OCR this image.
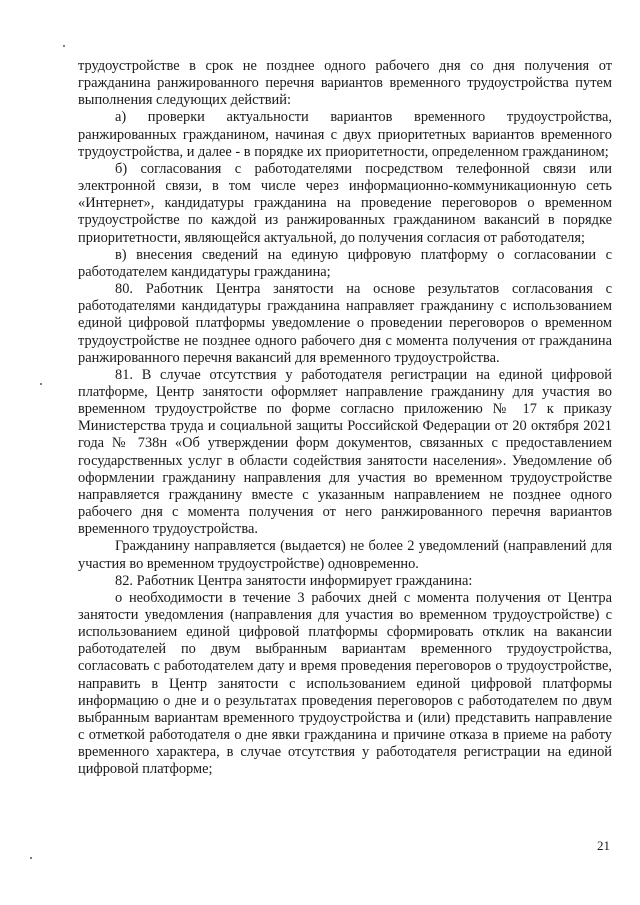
трудоустройстве в срок не позднее одного рабочего дня со дня получения от гражданина ранжированного перечня вариантов временного трудоустройства путем выполнения следующих действий:

а) проверки актуальности вариантов временного трудоустройства, ранжированных гражданином, начиная с двух приоритетных вариантов временного трудоустройства, и далее - в порядке их приоритетности, определенном гражданином;

б) согласования с работодателями посредством телефонной связи или электронной связи, в том числе через информационно-коммуникационную сеть «Интернет», кандидатуры гражданина на проведение переговоров о временном трудоустройстве по каждой из ранжированных гражданином вакансий в порядке приоритетности, являющейся актуальной, до получения согласия от работодателя;

в) внесения сведений на единую цифровую платформу о согласовании с работодателем кандидатуры гражданина;

80. Работник Центра занятости на основе результатов согласования с работодателями кандидатуры гражданина направляет гражданину с использованием единой цифровой платформы уведомление о проведении переговоров о временном трудоустройстве не позднее одного рабочего дня с момента получения от гражданина ранжированного перечня вакансий для временного трудоустройства.

81. В случае отсутствия у работодателя регистрации на единой цифровой платформе, Центр занятости оформляет направление гражданину для участия во временном трудоустройстве по форме согласно приложению № 17 к приказу Министерства труда и социальной защиты Российской Федерации от 20 октября 2021 года № 738н «Об утверждении форм документов, связанных с предоставлением государственных услуг в области содействия занятости населения». Уведомление об оформлении гражданину направления для участия во временном трудоустройстве направляется гражданину вместе с указанным направлением не позднее одного рабочего дня с момента получения от него ранжированного перечня вариантов временного трудоустройства.

Гражданину направляется (выдается) не более 2 уведомлений (направлений для участия во временном трудоустройстве) одновременно.

82. Работник Центра занятости информирует гражданина:

о необходимости в течение 3 рабочих дней с момента получения от Центра занятости уведомления (направления для участия во временном трудоустройстве) с использованием единой цифровой платформы сформировать отклик на вакансии работодателей по двум выбранным вариантам временного трудоустройства, согласовать с работодателем дату и время проведения переговоров о трудоустройстве, направить в Центр занятости с использованием единой цифровой платформы информацию о дне и о результатах проведения переговоров с работодателем по двум выбранным вариантам временного трудоустройства и (или) представить направление с отметкой работодателя о дне явки гражданина и причине отказа в приеме на работу временного характера, в случае отсутствия у работодателя регистрации на единой цифровой платформе;

21
